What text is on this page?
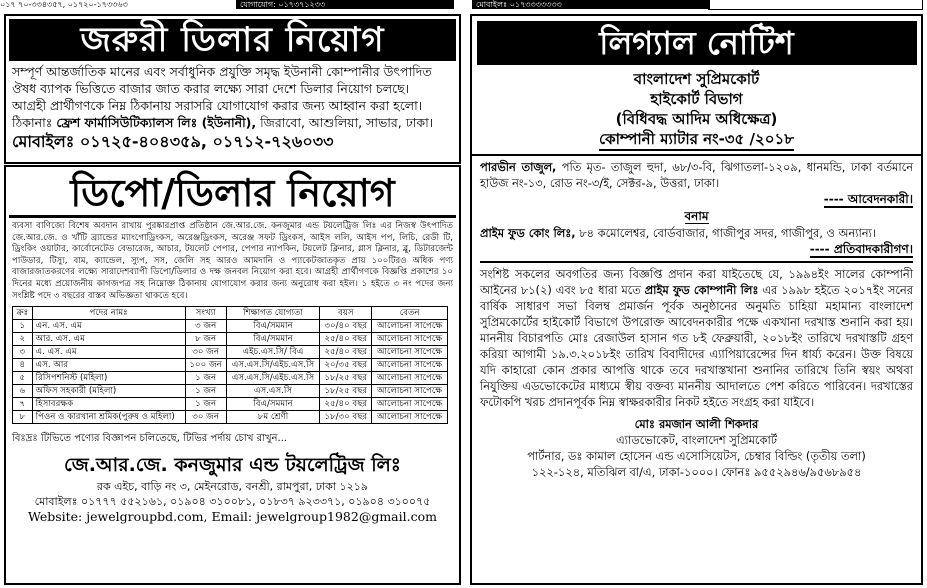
০১৭ ৭০-৩৩৪৩৫৭, ০১৭২০-১৭৩৩৬৩	যোগাযোগ: ০১৭৩৭১২৩৩	মোবাইলঃ ০১৭৩৩৩৩৩৩৩
জরুরী ডিলার নিয়োগ

সম্পূর্ণ আন্তর্জাতিক মানের এবং সর্বাধুনিক প্রযুক্তি সমৃদ্ধ ইউনানী কোম্পানীর উৎপাদিত ঔষধ ব্যাপক ভিত্তিতে বাজার জাত করার লক্ষ্যে সারা দেশে ডিলার নিয়োগ চলছে।

আগ্রহী প্রার্থীগণকে নিম্ন ঠিকানায় সরাসরি যোগাযোগ করার জন্য আহ্বান করা হলো।

ঠিকানাঃ ফ্রেশ ফার্মাসিউটিক্যালস লিঃ (ইউনানী), জিরাবো, আশুলিয়া, সাভার, ঢাকা।

মোবাইলঃ ০১৭২৫-৪০৪৩৫৯, ০১৭১২-৭২৬০৩৩

ডিপো/ডিলার নিয়োগ
ব্যবসা বাণিজ্যে বিশেষ অবদান রাখায় পুরষ্কারপ্রাপ্ত প্রতিষ্ঠান জে.আর.জে. কনজুমার এন্ড টয়লেট্রিজ লিঃ এর নিজস্ব উৎপাদিত জে.আর.জে. ও খাঁটি ব্র্যান্ডের ম্যাংগোড্রিংকস, অরেঞ্জড্রিংকস, অরেঞ্জ সফট ড্রিংকস, আইস ললি, আইস পপ, লিচি, রেডী টি, ড্রিংকিং ওয়াটার, কার্বোনেটেড বেভারেজ, আচার, টয়লেট পেপার, পেপার ন্যাপকিন, টয়লেট ক্লিনার, গ্লাস ক্লিনার, ব্লু, ডিটারজেন্ট পাউডার, টিস্যু, বাম, ক্যান্ডেল, স্যুপ, সস, জেলি সহ আরও আমদানি ও প্যাকেটজাতকৃত প্রায় ১০০টিরও অধিক পণ্য বাজারজাতকরণের লক্ষ্যে সারাদেশব্যাপী ডিপো/ডিলার ও দক্ষ জনবল নিয়োগ করা হবে। আগ্রহী প্রার্থীগণকে বিজ্ঞপ্তি প্রকাশের ১০ দিনের মধ্যে প্রয়োজনীয় কাগজপত্র সহ নিম্নোক্ত ঠিকানায় যোগাযোগ করার জন্য অনুরোধ করা হইল। ১ হইতে ৩ নং পদের জন্য সংশ্লিষ্ট পদে ৩ বছরের বাস্তব অভিজ্ঞতা থাকতে হবে।
ক্রঃ	পদের নামঃ	সংখ্যা	শিক্ষাগত যোগ্যতা	বয়স	বেতন
১	এন. এস. এম	৩ জন	বিএ/সমমান	৩০/৪০ বছর	আলোচনা সাপেক্ষে
২	আর. এস. এম	৮ জন	বিএ/সমমান	২৫/৪০ বছর	আলোচনা সাপেক্ষে
৩	এ. এস. এম	৩০ জন	এইচ.এস.সি/ বিএ	২৫/৪০ বছর	আলোচনা সাপেক্ষে
৪	এস. আর	১০০ জন	এস.এস.সি/এইচ.এস.সি	২০/৩৫ বছর	আলোচনা সাপেক্ষে
৫	রিসিপশনিস্ট (মহিলা)	১ জন	এস.এস.সি/এইচ.এস.সি	১৮/২৫ বছর	আলোচনা সাপেক্ষে
৬	অফিস সহকারী (মহিলা)	১ জন	এস.এস.সি	১৮/২৫ বছর	আলোচনা সাপেক্ষে
৭	হিসাবরক্ষক	১ জন	বিএ/সমমান	২৫/৪০ বছর	আলোচনা সাপেক্ষে
৮	পিওন ও কারখানা শ্রমিক(পুরুষ ও মহিলা)	৩০ জন	৮ম শ্রেণী	১৮/৩০ বছর	আলোচনা সাপেক্ষে
বিঃদ্রঃ টিভিতে পণ্যের বিজ্ঞাপন চলিতেছে, টিভির পর্দায় চোখ রাখুন...
জে.আর.জে. কনজুমার এন্ড টয়লেট্রিজ লিঃ
রক এইচ, বাড়ি নং ৩, মেইনরোড, বনশ্রী, রামপুরা, ঢাকা ১২১৯
মোবাইলঃ ০১৭৭৭ ৫৫২১৬১, ০১৯০৪ ৩১০০৮১, ০১৮৩৭ ৯২৩৩৭১, ০১৯০৪ ৩১০০৭৫
Website: jewelgroupbd.com, Email: jewelgroup1982@gmail.com
লিগ্যাল নোটিশ
বাংলাদেশ সুপ্রিমকোর্ট
হাইকোর্ট বিভাগ
(বিধিবদ্ধ আদিম অধিক্ষেত্র)
কোম্পানী ম্যাটার নং-৩৫ /২০১৮

পারভীন তাজুল, পতি মৃত- তাজুল হুদা, ৬৮/৩-বি, ঝিগাতলা-১২০৯, ধানমন্ডি, ঢাকা বর্তমানে হাউজ নং-১৩, রোড নং-৩/ই, সেক্টর-৯, উত্তরা, ঢাকা।

---- আবেদনকারী।
বনাম

প্রাইম ফুড কোং লিঃ, ৮৪ কমোলেশ্বর, বোর্ডবাজার, গাজীপুর সদর, গাজীপুর, ও অন্যান্য।

---- প্রতিবাদকারীগণ।

সংশিষ্ট সকলের অবগতির জন্য বিজ্ঞপ্তি প্রদান করা যাইতেছে যে, ১৯৯৪ইং সালের কোম্পানী আইনের ৮১(২) এবং ৮৫ ধারা মতে প্রাইম ফুড কোম্পানী লিঃ এর ১৯৯৮ হইতে ২০১৭ইং সনের বার্ষিক সাধারণ সভা বিলম্ব প্রমার্জন পূর্বক অনুষ্ঠানের অনুমতি চাহিয়া মহামান্য বাংলাদেশ সুপ্রিমকোর্টের হাইকোর্ট বিভাগে উপরোক্ত আবেদনকারীর পক্ষে একখানা দরখাস্ত শুনানি করা হয়। মাননীয় বিচারপতি মোঃ রেজাউল হাসান গত ৮ই ফেব্রুয়ারী, ২০১৮ইং তারিখে দরখাস্তটি গ্রহণ করিয়া আগামী ১৯.৩.২০১৮ইং তারিখ বিবাদীদের এ্যাপিয়ারেন্সের দিন ধার্য্য করেন। উক্ত বিষয়ে যদি কাহারো কোন প্রকার আপত্তি থাকে তবে দরখাস্তখানা শুনানির তারিখে তিনি স্বয়ং অথবা নিযুক্তিয় এডভোকেটের মাধ্যমে স্বীয় বক্তব্য মাননীয় আদালতে পেশ করিতে পারিবেন। দরখাস্তের ফটোকপি খরচ প্রদানপূর্বক নিম্ন স্বাক্ষরকারীর নিকট হইতে সংগ্রহ করা যাইবে।

মোঃ রমজান আলী শিকদার
এ্যাডভোকেট, বাংলাদেশ সুপ্রিমকোর্ট
পার্টনার, ডঃ কামাল হোসেন এন্ড এসোসিয়েটস, চেম্বার বিল্ডিং (তৃতীয় তলা)
১২২-১২৪, মতিঝিল বা/এ, ঢাকা-১০০০। ফোনঃ ৯৫৫২৯৪৬/৯৫৬৮৯৫৪
